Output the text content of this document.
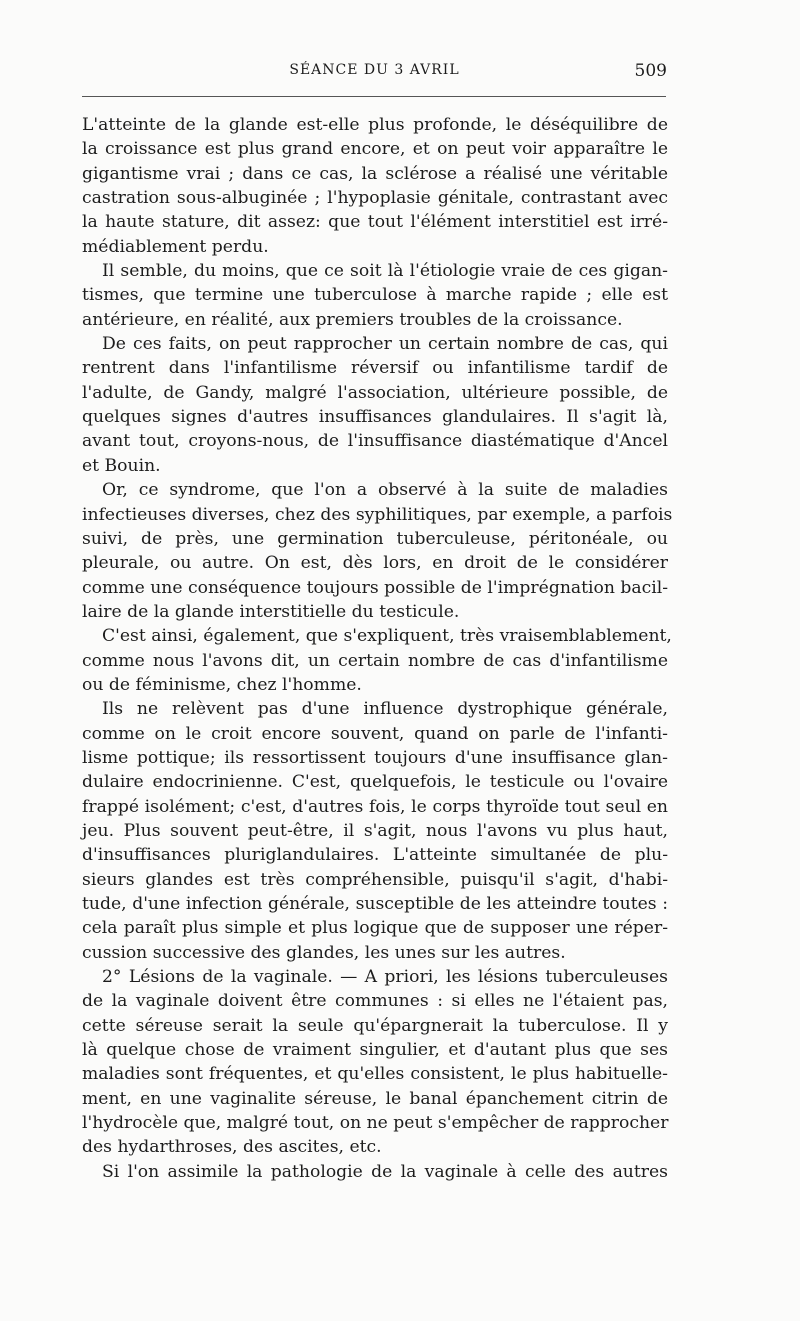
SÉANCE DU 3 AVRIL	509
L'atteinte de la glande est-elle plus profonde, le déséquilibre de
la croissance est plus grand encore, et on peut voir apparaître le
gigantisme vrai ; dans ce cas, la sclérose a réalisé une véritable
castration sous-albuginée ; l'hypoplasie génitale, contrastant avec
la haute stature, dit assez: que tout l'élément interstitiel est irré-
médiablement perdu.
Il semble, du moins, que ce soit là l'étiologie vraie de ces gigan-
tismes, que termine une tuberculose à marche rapide ; elle est
antérieure, en réalité, aux premiers troubles de la croissance.
De ces faits, on peut rapprocher un certain nombre de cas, qui
rentrent dans l'infantilisme réversif ou infantilisme tardif de
l'adulte, de Gandy, malgré l'association, ultérieure possible, de
quelques signes d'autres insuffisances glandulaires. Il s'agit là,
avant tout, croyons-nous, de l'insuffisance diastématique d'Ancel
et Bouin.
Or, ce syndrome, que l'on a observé à la suite de maladies
infectieuses diverses, chez des syphilitiques, par exemple, a parfois
suivi, de près, une germination tuberculeuse, péritonéale, ou
pleurale, ou autre. On est, dès lors, en droit de le considérer
comme une conséquence toujours possible de l'imprégnation bacil-
laire de la glande interstitielle du testicule.
C'est ainsi, également, que s'expliquent, très vraisemblablement,
comme nous l'avons dit, un certain nombre de cas d'infantilisme
ou de féminisme, chez l'homme.
Ils ne relèvent pas d'une influence dystrophique générale,
comme on le croit encore souvent, quand on parle de l'infanti-
lisme pottique; ils ressortissent toujours d'une insuffisance glan-
dulaire endocrinienne. C'est, quelquefois, le testicule ou l'ovaire
frappé isolément; c'est, d'autres fois, le corps thyroïde tout seul en
jeu. Plus souvent peut-être, il s'agit, nous l'avons vu plus haut,
d'insuffisances pluriglandulaires. L'atteinte simultanée de plu-
sieurs glandes est très compréhensible, puisqu'il s'agit, d'habi-
tude, d'une infection générale, susceptible de les atteindre toutes :
cela paraît plus simple et plus logique que de supposer une réper-
cussion successive des glandes, les unes sur les autres.
2° Lésions de la vaginale. — A priori, les lésions tuberculeuses
de la vaginale doivent être communes : si elles ne l'étaient pas,
cette séreuse serait la seule qu'épargnerait la tuberculose. Il y
là quelque chose de vraiment singulier, et d'autant plus que ses
maladies sont fréquentes, et qu'elles consistent, le plus habituelle-
ment, en une vaginalite séreuse, le banal épanchement citrin de
l'hydrocèle que, malgré tout, on ne peut s'empêcher de rapprocher
des hydarthroses, des ascites, etc.
Si l'on assimile la pathologie de la vaginale à celle des autres
